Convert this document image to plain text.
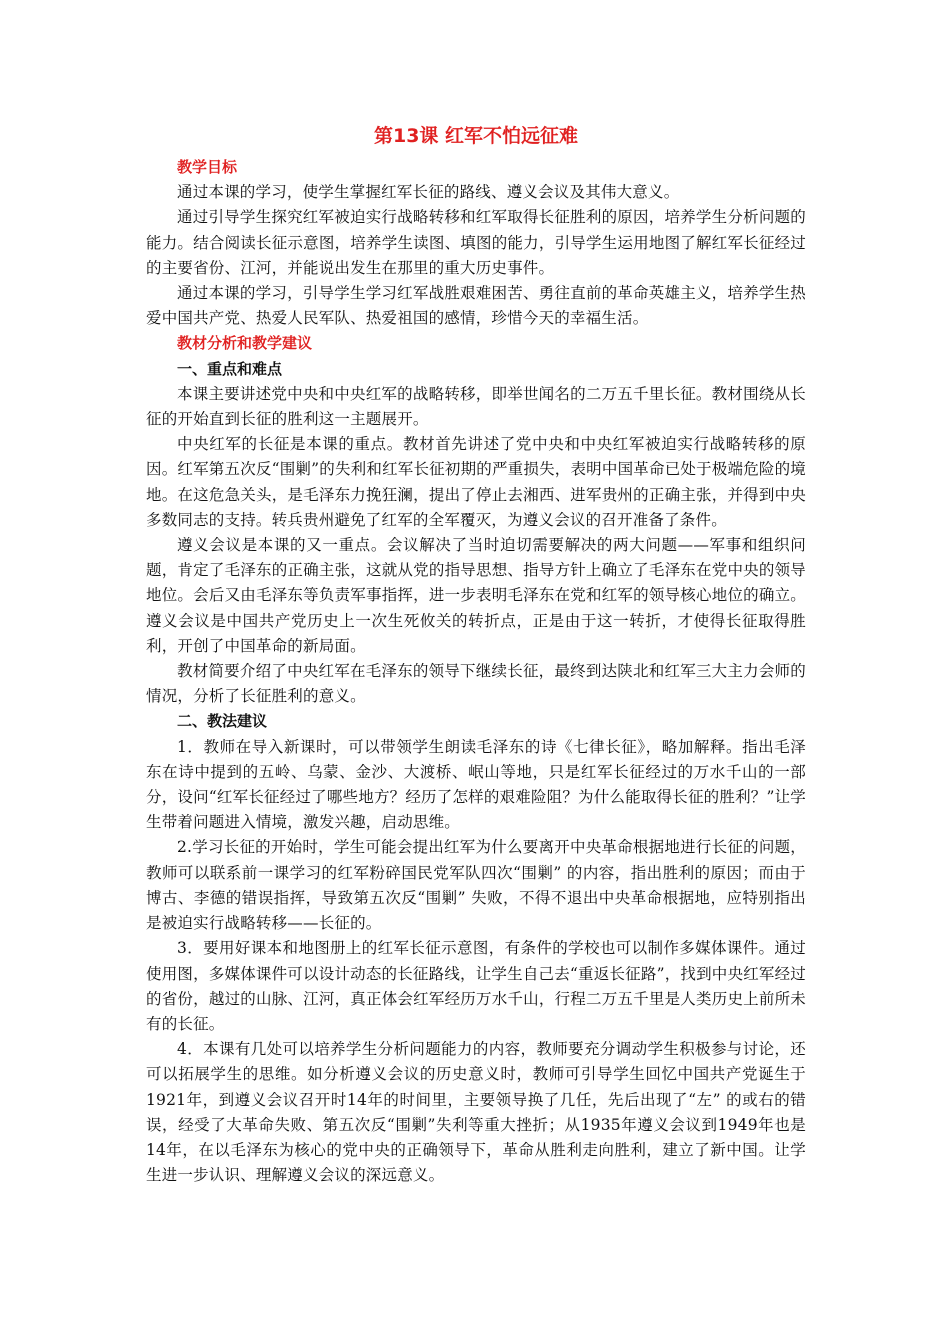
第13课 红军不怕远征难

教学目标

通过本课的学习，使学生掌握红军长征的路线、遵义会议及其伟大意义。

通过引导学生探究红军被迫实行战略转移和红军取得长征胜利的原因，培养学生分析问题的能力。结合阅读长征示意图，培养学生读图、填图的能力，引导学生运用地图了解红军长征经过的主要省份、江河，并能说出发生在那里的重大历史事件。

通过本课的学习，引导学生学习红军战胜艰难困苦、勇往直前的革命英雄主义，培养学生热爱中国共产党、热爱人民军队、热爱祖国的感情，珍惜今天的幸福生活。

教材分析和教学建议

一、重点和难点

本课主要讲述党中央和中央红军的战略转移，即举世闻名的二万五千里长征。教材围绕从长征的开始直到长征的胜利这一主题展开。

中央红军的长征是本课的重点。教材首先讲述了党中央和中央红军被迫实行战略转移的原因。红军第五次反“围剿”的失利和红军长征初期的严重损失，表明中国革命已处于极端危险的境地。在这危急关头，是毛泽东力挽狂澜，提出了停止去湘西、进军贵州的正确主张，并得到中央多数同志的支持。转兵贵州避免了红军的全军覆灭，为遵义会议的召开准备了条件。

遵义会议是本课的又一重点。会议解决了当时迫切需要解决的两大问题——军事和组织问题，肯定了毛泽东的正确主张，这就从党的指导思想、指导方针上确立了毛泽东在党中央的领导地位。会后又由毛泽东等负责军事指挥，进一步表明毛泽东在党和红军的领导核心地位的确立。遵义会议是中国共产党历史上一次生死攸关的转折点，正是由于这一转折，才使得长征取得胜利，开创了中国革命的新局面。

教材简要介绍了中央红军在毛泽东的领导下继续长征，最终到达陕北和红军三大主力会师的情况，分析了长征胜利的意义。

二、教法建议

1．教师在导入新课时，可以带领学生朗读毛泽东的诗《七律长征》，略加解释。指出毛泽东在诗中提到的五岭、乌蒙、金沙、大渡桥、岷山等地，只是红军长征经过的万水千山的一部分，设问“红军长征经过了哪些地方？经历了怎样的艰难险阻？为什么能取得长征的胜利？”让学生带着问题进入情境，激发兴趣，启动思维。

2.学习长征的开始时，学生可能会提出红军为什么要离开中央革命根据地进行长征的问题，教师可以联系前一课学习的红军粉碎国民党军队四次“围剿” 的内容，指出胜利的原因；而由于博古、李德的错误指挥，导致第五次反“围剿” 失败，不得不退出中央革命根据地，应特别指出是被迫实行战略转移——长征的。

3．要用好课本和地图册上的红军长征示意图，有条件的学校也可以制作多媒体课件。通过使用图，多媒体课件可以设计动态的长征路线，让学生自己去“重返长征路”，找到中央红军经过的省份，越过的山脉、江河，真正体会红军经历万水千山，行程二万五千里是人类历史上前所未有的长征。

4．本课有几处可以培养学生分析问题能力的内容，教师要充分调动学生积极参与讨论，还可以拓展学生的思维。如分析遵义会议的历史意义时，教师可引导学生回忆中国共产党诞生于1921年，到遵义会议召开时14年的时间里，主要领导换了几任，先后出现了“左” 的或右的错误，经受了大革命失败、第五次反“围剿”失利等重大挫折；从1935年遵义会议到1949年也是14年，在以毛泽东为核心的党中央的正确领导下，革命从胜利走向胜利，建立了新中国。让学生进一步认识、理解遵义会议的深远意义。
